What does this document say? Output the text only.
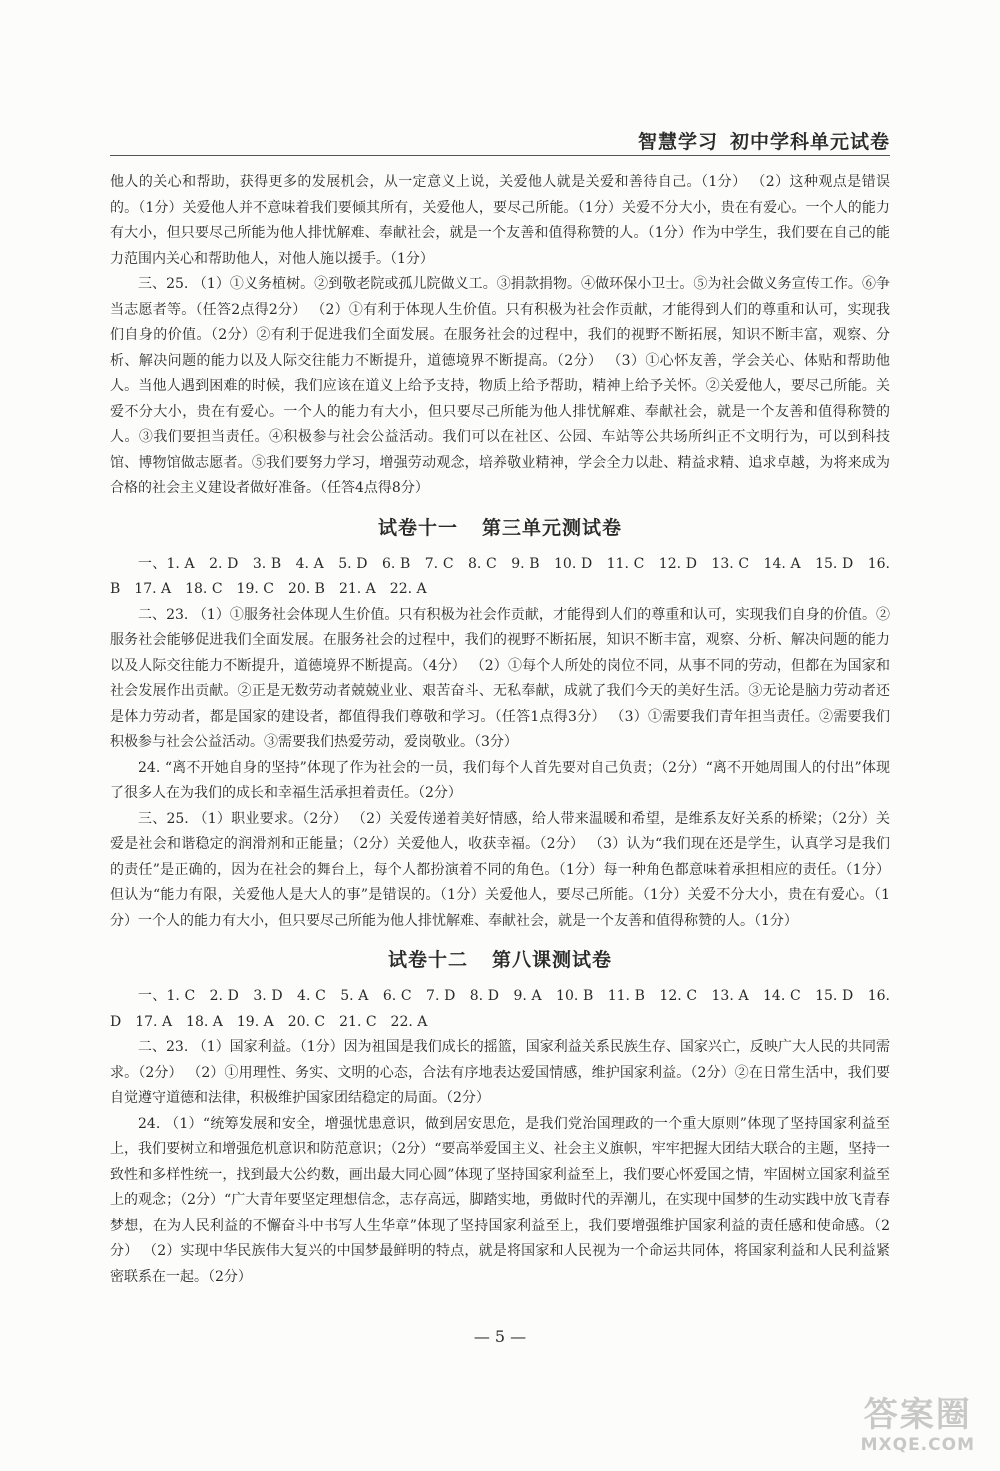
智慧学习 初中学科单元试卷

他人的关心和帮助，获得更多的发展机会，从一定意义上说，关爱他人就是关爱和善待自己。（1分） （2）这种观点是错误的。（1分）关爱他人并不意味着我们要倾其所有，关爱他人，要尽己所能。（1分）关爱不分大小，贵在有爱心。一个人的能力有大小，但只要尽己所能为他人排忧解难、奉献社会，就是一个友善和值得称赞的人。（1分）作为中学生，我们要在自己的能力范围内关心和帮助他人，对他人施以援手。（1分）

三、25. （1）①义务植树。②到敬老院或孤儿院做义工。③捐款捐物。④做环保小卫士。⑤为社会做义务宣传工作。⑥争当志愿者等。（任答2点得2分） （2）①有利于体现人生价值。只有积极为社会作贡献，才能得到人们的尊重和认可，实现我们自身的价值。（2分）②有利于促进我们全面发展。在服务社会的过程中，我们的视野不断拓展，知识不断丰富，观察、分析、解决问题的能力以及人际交往能力不断提升，道德境界不断提高。（2分） （3）①心怀友善，学会关心、体贴和帮助他人。当他人遇到困难的时候，我们应该在道义上给予支持，物质上给予帮助，精神上给予关怀。②关爱他人，要尽己所能。关爱不分大小，贵在有爱心。一个人的能力有大小，但只要尽己所能为他人排忧解难、奉献社会，就是一个友善和值得称赞的人。③我们要担当责任。④积极参与社会公益活动。我们可以在社区、公园、车站等公共场所纠正不文明行为，可以到科技馆、博物馆做志愿者。⑤我们要努力学习，增强劳动观念，培养敬业精神，学会全力以赴、精益求精、追求卓越，为将来成为合格的社会主义建设者做好准备。（任答4点得8分）

试卷十一 第三单元测试卷

一、1. A　2. D　3. B　4. A　5. D　6. B　7. C　8. C　9. B　10. D　11. C　12. D　13. C　14. A　15. D　16. B　17. A　18. C　19. C　20. B　21. A　22. A

二、23. （1）①服务社会体现人生价值。只有积极为社会作贡献，才能得到人们的尊重和认可，实现我们自身的价值。②服务社会能够促进我们全面发展。在服务社会的过程中，我们的视野不断拓展，知识不断丰富，观察、分析、解决问题的能力以及人际交往能力不断提升，道德境界不断提高。（4分） （2）①每个人所处的岗位不同，从事不同的劳动，但都在为国家和社会发展作出贡献。②正是无数劳动者兢兢业业、艰苦奋斗、无私奉献，成就了我们今天的美好生活。③无论是脑力劳动者还是体力劳动者，都是国家的建设者，都值得我们尊敬和学习。（任答1点得3分） （3）①需要我们青年担当责任。②需要我们积极参与社会公益活动。③需要我们热爱劳动，爱岗敬业。（3分）

24. “离不开她自身的坚持”体现了作为社会的一员，我们每个人首先要对自己负责；（2分）“离不开她周围人的付出”体现了很多人在为我们的成长和幸福生活承担着责任。（2分）

三、25. （1）职业要求。（2分） （2）关爱传递着美好情感，给人带来温暖和希望，是维系友好关系的桥梁；（2分）关爱是社会和谐稳定的润滑剂和正能量；（2分）关爱他人，收获幸福。（2分） （3）认为“我们现在还是学生，认真学习是我们的责任”是正确的，因为在社会的舞台上，每个人都扮演着不同的角色。（1分）每一种角色都意味着承担相应的责任。（1分）但认为“能力有限，关爱他人是大人的事”是错误的。（1分）关爱他人，要尽己所能。（1分）关爱不分大小，贵在有爱心。（1分）一个人的能力有大小，但只要尽己所能为他人排忧解难、奉献社会，就是一个友善和值得称赞的人。（1分）

试卷十二 第八课测试卷

一、1. C　2. D　3. D　4. C　5. A　6. C　7. D　8. D　9. A　10. B　11. B　12. C　13. A　14. C　15. D　16. D　17. A　18. A　19. A　20. C　21. C　22. A

二、23. （1）国家利益。（1分）因为祖国是我们成长的摇篮，国家利益关系民族生存、国家兴亡，反映广大人民的共同需求。（2分） （2）①用理性、务实、文明的心态，合法有序地表达爱国情感，维护国家利益。（2分）②在日常生活中，我们要自觉遵守道德和法律，积极维护国家团结稳定的局面。（2分）

24. （1）“统筹发展和安全，增强忧患意识，做到居安思危，是我们党治国理政的一个重大原则”体现了坚持国家利益至上，我们要树立和增强危机意识和防范意识；（2分）“要高举爱国主义、社会主义旗帜，牢牢把握大团结大联合的主题，坚持一致性和多样性统一，找到最大公约数，画出最大同心圆”体现了坚持国家利益至上，我们要心怀爱国之情，牢固树立国家利益至上的观念；（2分）“广大青年要坚定理想信念，志存高远，脚踏实地，勇做时代的弄潮儿，在实现中国梦的生动实践中放飞青春梦想，在为人民利益的不懈奋斗中书写人生华章”体现了坚持国家利益至上，我们要增强维护国家利益的责任感和使命感。（2分） （2）实现中华民族伟大复兴的中国梦最鲜明的特点，就是将国家和人民视为一个命运共同体，将国家利益和人民利益紧密联系在一起。（2分）

— 5 —
答案圈
MXQE.COM
